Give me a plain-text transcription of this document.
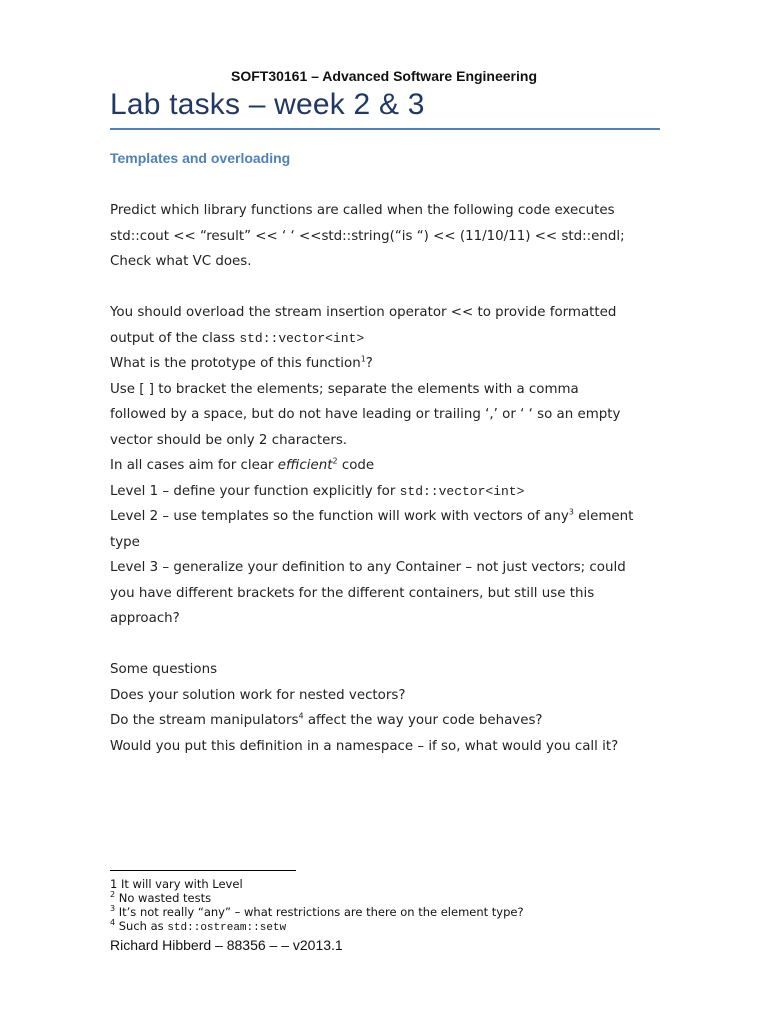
SOFT30161 – Advanced Software Engineering
Lab tasks – week 2 & 3
Templates and overloading
Predict which library functions are called when the following code executes
std::cout << “result” << ‘ ‘ <<std::string(“is “) << (11/10/11) << std::endl;
Check what VC does.
You should overload the stream insertion operator << to provide formatted
output of the class std::vector<int>
What is the prototype of this function$^1$?
Use [ ] to bracket the elements; separate the elements with a comma
followed by a space, but do not have leading or trailing ‘,’ or ‘ ‘ so an empty
vector should be only 2 characters.
In all cases aim for clear efficient$^2$ code
Level 1 – define your function explicitly for std::vector<int>
Level 2 – use templates so the function will work with vectors of any$^3$ element
type
Level 3 – generalize your definition to any Container – not just vectors; could
you have different brackets for the different containers, but still use this
approach?
Some questions
Does your solution work for nested vectors?
Do the stream manipulators$^4$ affect the way your code behaves?
Would you put this definition in a namespace – if so, what would you call it?
1 It will vary with Level
$^2$ No wasted tests
$^3$ It’s not really “any” – what restrictions are there on the element type?
$^4$ Such as std::ostream::setw
Richard Hibberd – 88356 – – v2013.1
